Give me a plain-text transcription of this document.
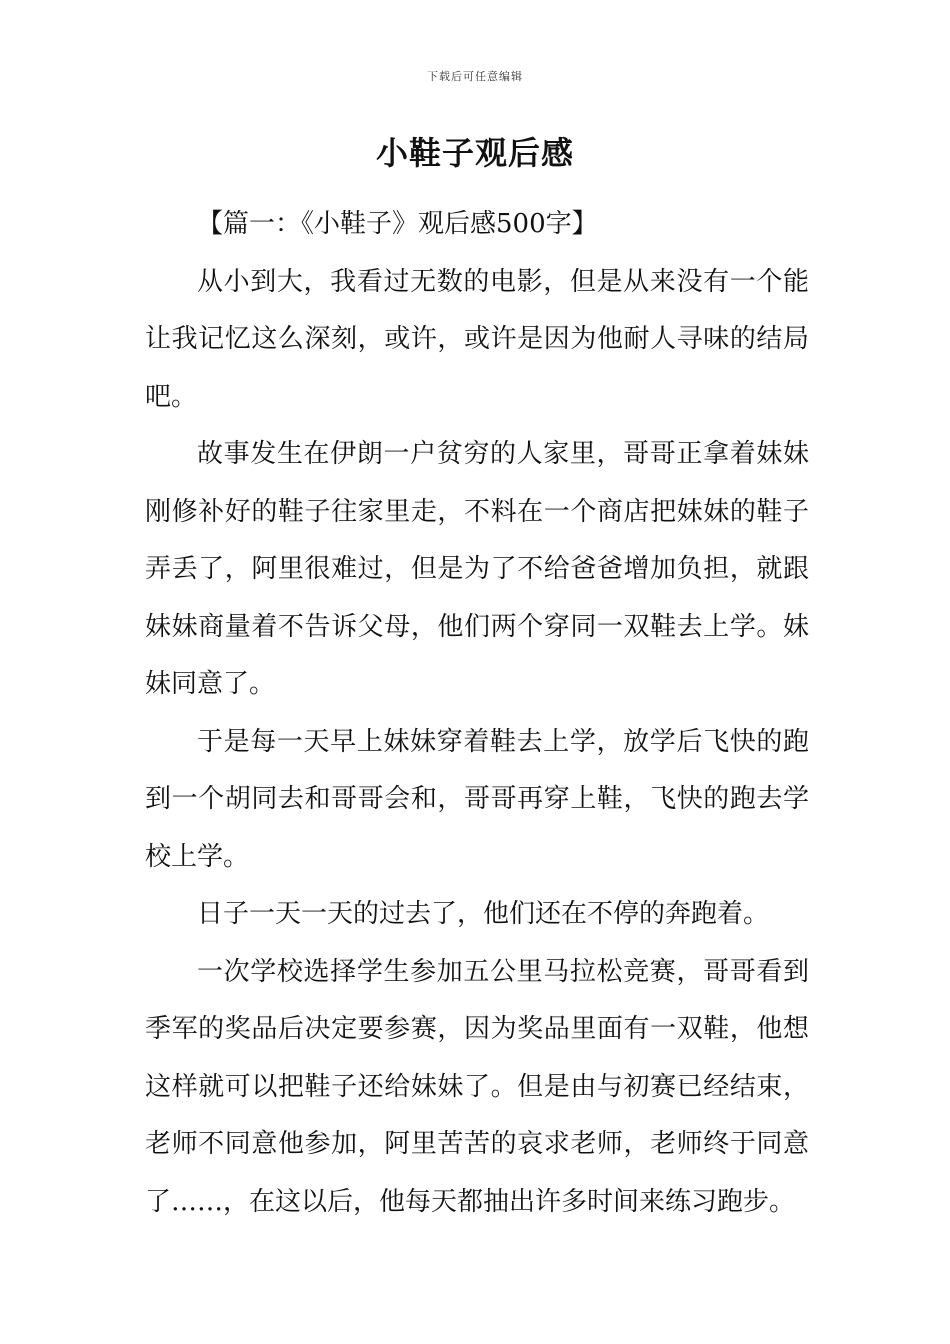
下载后可任意编辑
小鞋子观后感

【篇一：《小鞋子》观后感500字】

从小到大，我看过无数的电影，但是从来没有一个能让我记忆这么深刻，或许，或许是因为他耐人寻味的结局吧。

故事发生在伊朗一户贫穷的人家里，哥哥正拿着妹妹刚修补好的鞋子往家里走，不料在一个商店把妹妹的鞋子弄丢了，阿里很难过，但是为了不给爸爸增加负担，就跟妹妹商量着不告诉父母，他们两个穿同一双鞋去上学。妹妹同意了。

于是每一天早上妹妹穿着鞋去上学，放学后飞快的跑到一个胡同去和哥哥会和，哥哥再穿上鞋，飞快的跑去学校上学。

日子一天一天的过去了，他们还在不停的奔跑着。

一次学校选择学生参加五公里马拉松竞赛，哥哥看到季军的奖品后决定要参赛，因为奖品里面有一双鞋，他想这样就可以把鞋子还给妹妹了。但是由与初赛已经结束，老师不同意他参加，阿里苦苦的哀求老师，老师终于同意了……，在这以后，他每天都抽出许多时间来练习跑步。
